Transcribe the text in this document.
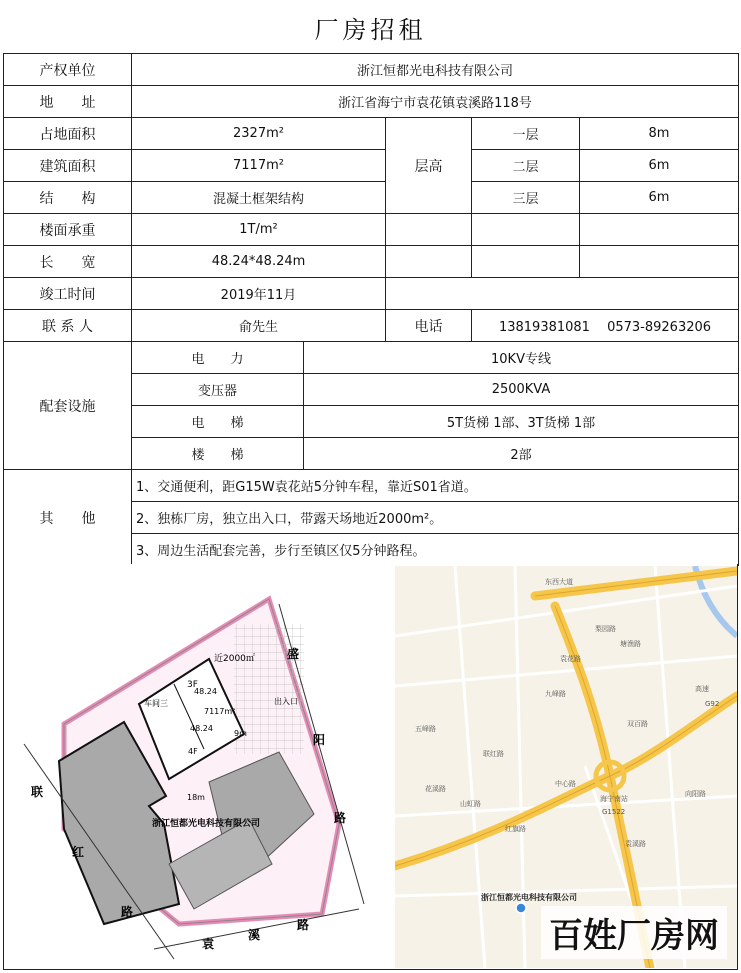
厂房招租
产权单位	浙江恒都光电科技有限公司				
地　　址	浙江省海宁市袁花镇袁溪路118号				
占地面积	2327m²		层高	一层	8m
建筑面积	7117m²			二层	6m
结　　构	混凝土框架结构			三层	6m
楼面承重	1T/m²				
长　　宽	48.24*48.24m				
竣工时间	2019年11月				
联 系 人	俞先生		电话	13819381081　 0573-89263206	
配套设施	电　　力	10KV专线			
	变压器	2500KVA			
	电　　梯	5T货梯 1部、3T货梯 1部			
	楼　　梯	2部			
其　　他	1、交通便利，距G15W袁花站5分钟车程，靠近S01省道。				
	2、独栋厂房，独立出入口，带露天场地近2000m²。				
	3、周边生活配套完善，步行至镇区仅5分钟路程。				
3F
48.24
车间三
7117m²
48.24
4F
近2000㎡
出入口
9m
18m
浙江恒都光电科技有限公司
联
红
路
盛
阳
路
袁
溪
路
东西大道
梨园路
塘渔路
袁花路
联红路
双百路
海宁南站
袁溪路
高速
G1522
G92
花溪路
九峰路
五峰路
向阳路
中心路
山虹路
红旗路
浙江恒都光电科技有限公司
百姓厂房网
